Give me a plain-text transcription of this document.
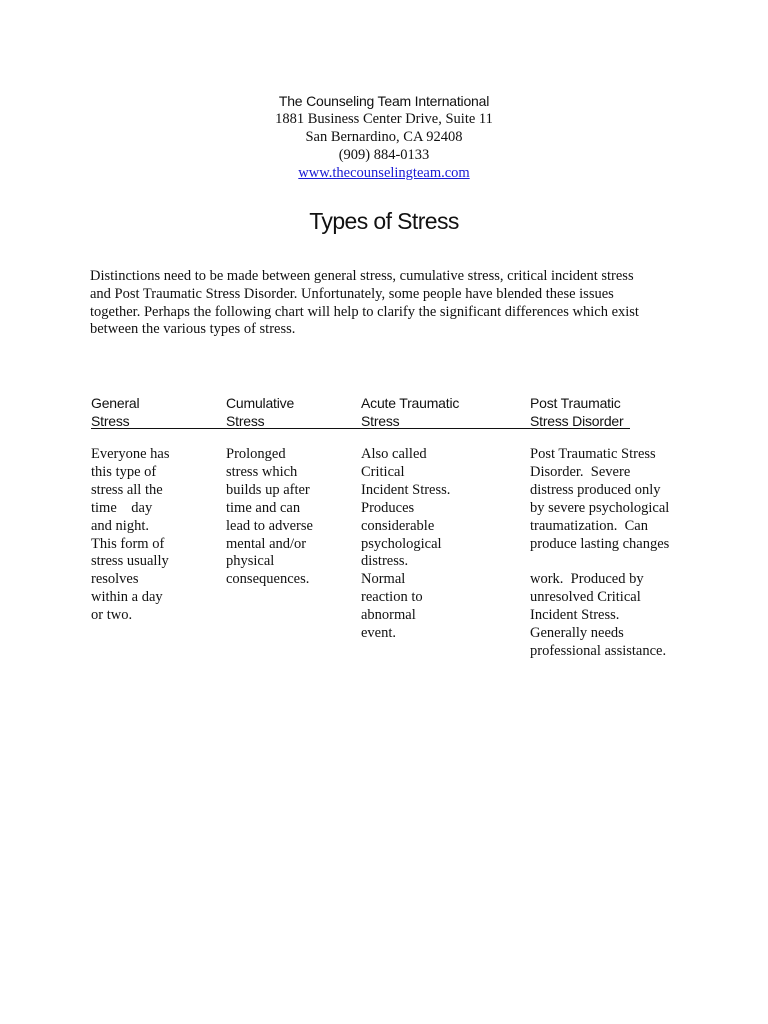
The Counseling Team International
1881 Business Center Drive, Suite 11
San Bernardino, CA 92408
(909) 884-0133
www.thecounselingteam.com
Types of Stress

Distinctions need to be made between general stress, cumulative stress, critical incident stress

and Post Traumatic Stress Disorder. Unfortunately, some people have blended these issues

together. Perhaps the following chart will help to clarify the significant differences which exist

between the various types of stress.

General
Stress
Cumulative
Stress
Acute Traumatic
Stress
Post Traumatic
Stress Disorder
Everyone has
this type of
stress all the
time    day
and night.
This form of
stress usually
resolves
within a day
or two.
Prolonged
stress which
builds up after
time and can
lead to adverse
mental and/or
physical
consequences.
Also called
Critical
Incident Stress.
Produces
considerable
psychological
distress.
Normal
reaction to
abnormal
event.
Post Traumatic Stress
Disorder.  Severe
distress produced only
by severe psychological
traumatization.  Can
produce lasting changes

work.  Produced by
unresolved Critical
Incident Stress.
Generally needs
professional assistance.
